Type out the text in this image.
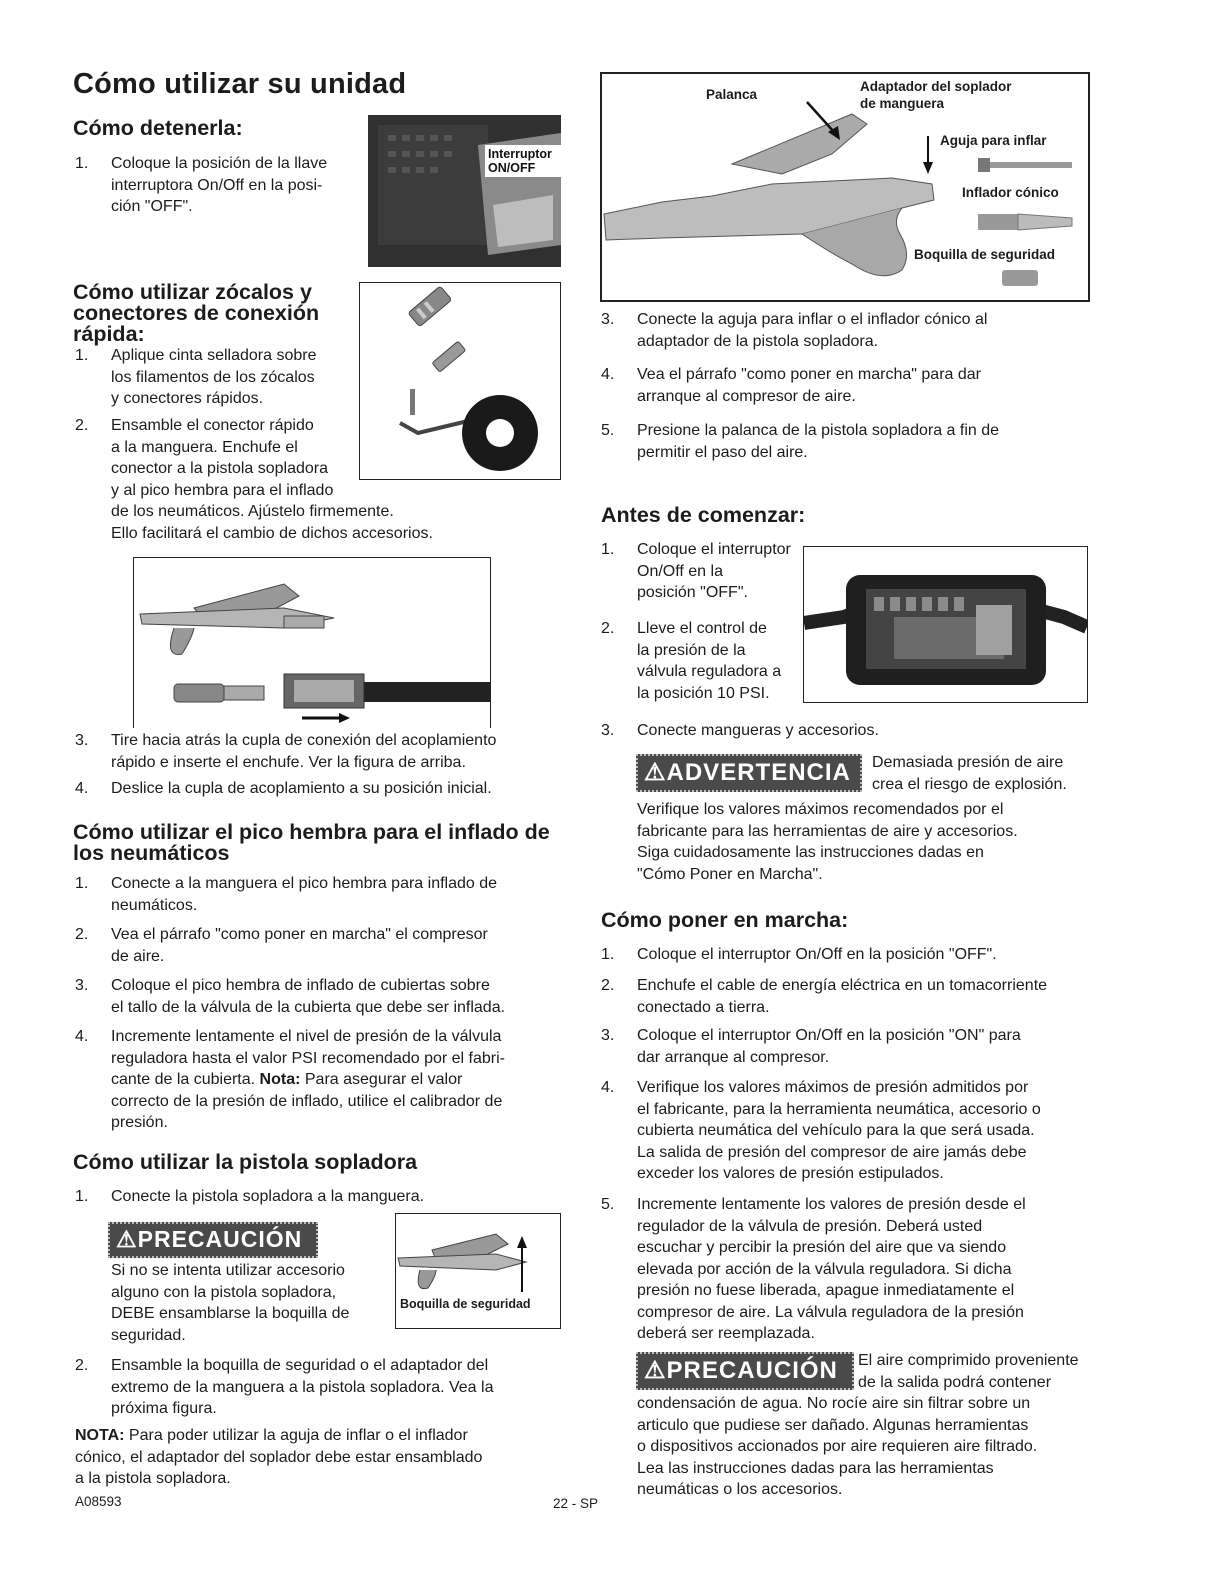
Cómo utilizar su unidad
Cómo detenerla:
1.	Coloque la posición de la llave
interruptora On/Off en la posi-
ción "OFF".
Interruptor ON/OFF
Cómo utilizar zócalos y
conectores de conexión
rápida:
1.	Aplique cinta selladora sobre
los filamentos de los zócalos
y conectores rápidos.
2.	Ensamble el conector rápido
a la manguera. Enchufe el
conector a la pistola sopladora
y al pico hembra para el inflado
de los neumáticos. Ajústelo firmemente.
Ello facilitará el cambio de dichos accesorios.
3.	Tire hacia atrás la cupla de conexión del acoplamiento
rápido e inserte el enchufe. Ver la figura de arriba.
4.	Deslice la cupla de acoplamiento a su posición inicial.
Cómo utilizar el pico hembra para el inflado de
los neumáticos
1.	Conecte a la manguera el pico hembra para inflado de
neumáticos.
2.	Vea el párrafo "como poner en marcha" el compresor
de aire.
3.	Coloque el pico hembra de inflado de cubiertas sobre
el tallo de la válvula de la cubierta que debe ser inflada.
4.	Incremente lentamente el nivel de presión de la válvula
reguladora hasta el valor PSI recomendado por el fabri-
cante de la cubierta. Nota: Para asegurar el valor
correcto de la presión de inflado, utilice el calibrador de
presión.
Cómo utilizar la pistola sopladora
1.	Conecte la pistola sopladora a la manguera.
⚠PRECAUCIÓN
Si no se intenta utilizar accesorio
alguno con la pistola sopladora,
DEBE ensamblarse la boquilla de
seguridad.
Boquilla de seguridad
2.	Ensamble la boquilla de seguridad o el adaptador del
extremo de la manguera a la pistola sopladora. Vea la
próxima figura.
NOTA: Para poder utilizar la aguja de inflar o el inflador
cónico, el adaptador del soplador debe estar ensamblado
a la pistola sopladora.
A08593	22 - SP
Palanca
Adaptador del soplador
de manguera
Aguja para inflar
Inflador cónico
Boquilla de seguridad
3.	Conecte la aguja para inflar o el inflador cónico al
adaptador de la pistola sopladora.
4.	Vea el párrafo "como poner en marcha" para dar
arranque al compresor de aire.
5.	Presione la palanca de la pistola sopladora a fin de
permitir el paso del aire.
Antes de comenzar:
1.	Coloque el interruptor
On/Off en la
posición "OFF".
2.	Lleve el control de
la presión de la
válvula reguladora a
la posición 10 PSI.
3.	Conecte mangueras y accesorios.
⚠ADVERTENCIA	Demasiada presión de aire
crea el riesgo de explosión.
Verifique los valores máximos recomendados por el
fabricante para las herramientas de aire y accesorios.
Siga cuidadosamente las instrucciones dadas en
"Cómo Poner en Marcha".
Cómo poner en marcha:
1.	Coloque el interruptor On/Off en la posición "OFF".
2.	Enchufe el cable de energía eléctrica en un tomacorriente
conectado a tierra.
3.	Coloque el interruptor On/Off en la posición "ON" para
dar arranque al compresor.
4.	Verifique los valores máximos de presión admitidos por
el fabricante, para la herramienta neumática, accesorio o
cubierta neumática del vehículo para la que será usada.
La salida de presión del compresor de aire jamás debe
exceder los valores de presión estipulados.
5.	Incremente lentamente los valores de presión desde el
regulador de la válvula de presión. Deberá usted
escuchar y percibir la presión del aire que va siendo
elevada por acción de la válvula reguladora. Si dicha
presión no fuese liberada, apague inmediatamente el
compresor de aire. La válvula reguladora de la presión
deberá ser reemplazada.
⚠PRECAUCIÓN	El aire comprimido proveniente
de la salida podrá contener
condensación de agua. No rocíe aire sin filtrar sobre un
articulo que pudiese ser dañado. Algunas herramientas
o dispositivos accionados por aire requieren aire filtrado.
Lea las instrucciones dadas para las herramientas
neumáticas o los accesorios.
